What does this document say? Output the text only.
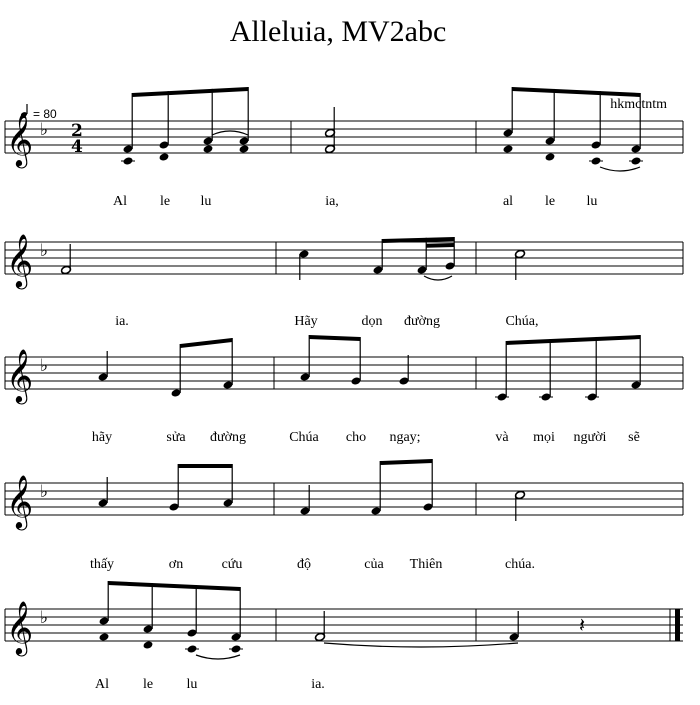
Alleluia, MV2abc
hkmctntm
= 80
𝄞 ♭ 2
4
Al le lu	ia,	al le lu
𝄞 ♭
ia.	Hãy	dọn đường	Chúa,
𝄞 ♭
hãy	sửa đường	Chúa cho ngay;	và mọi người sẽ
𝄞 ♭
thấy	ơn	cứu	độ	của Thiên	chúa.
𝄞 ♭
Al le lu	ia.
𝄽
